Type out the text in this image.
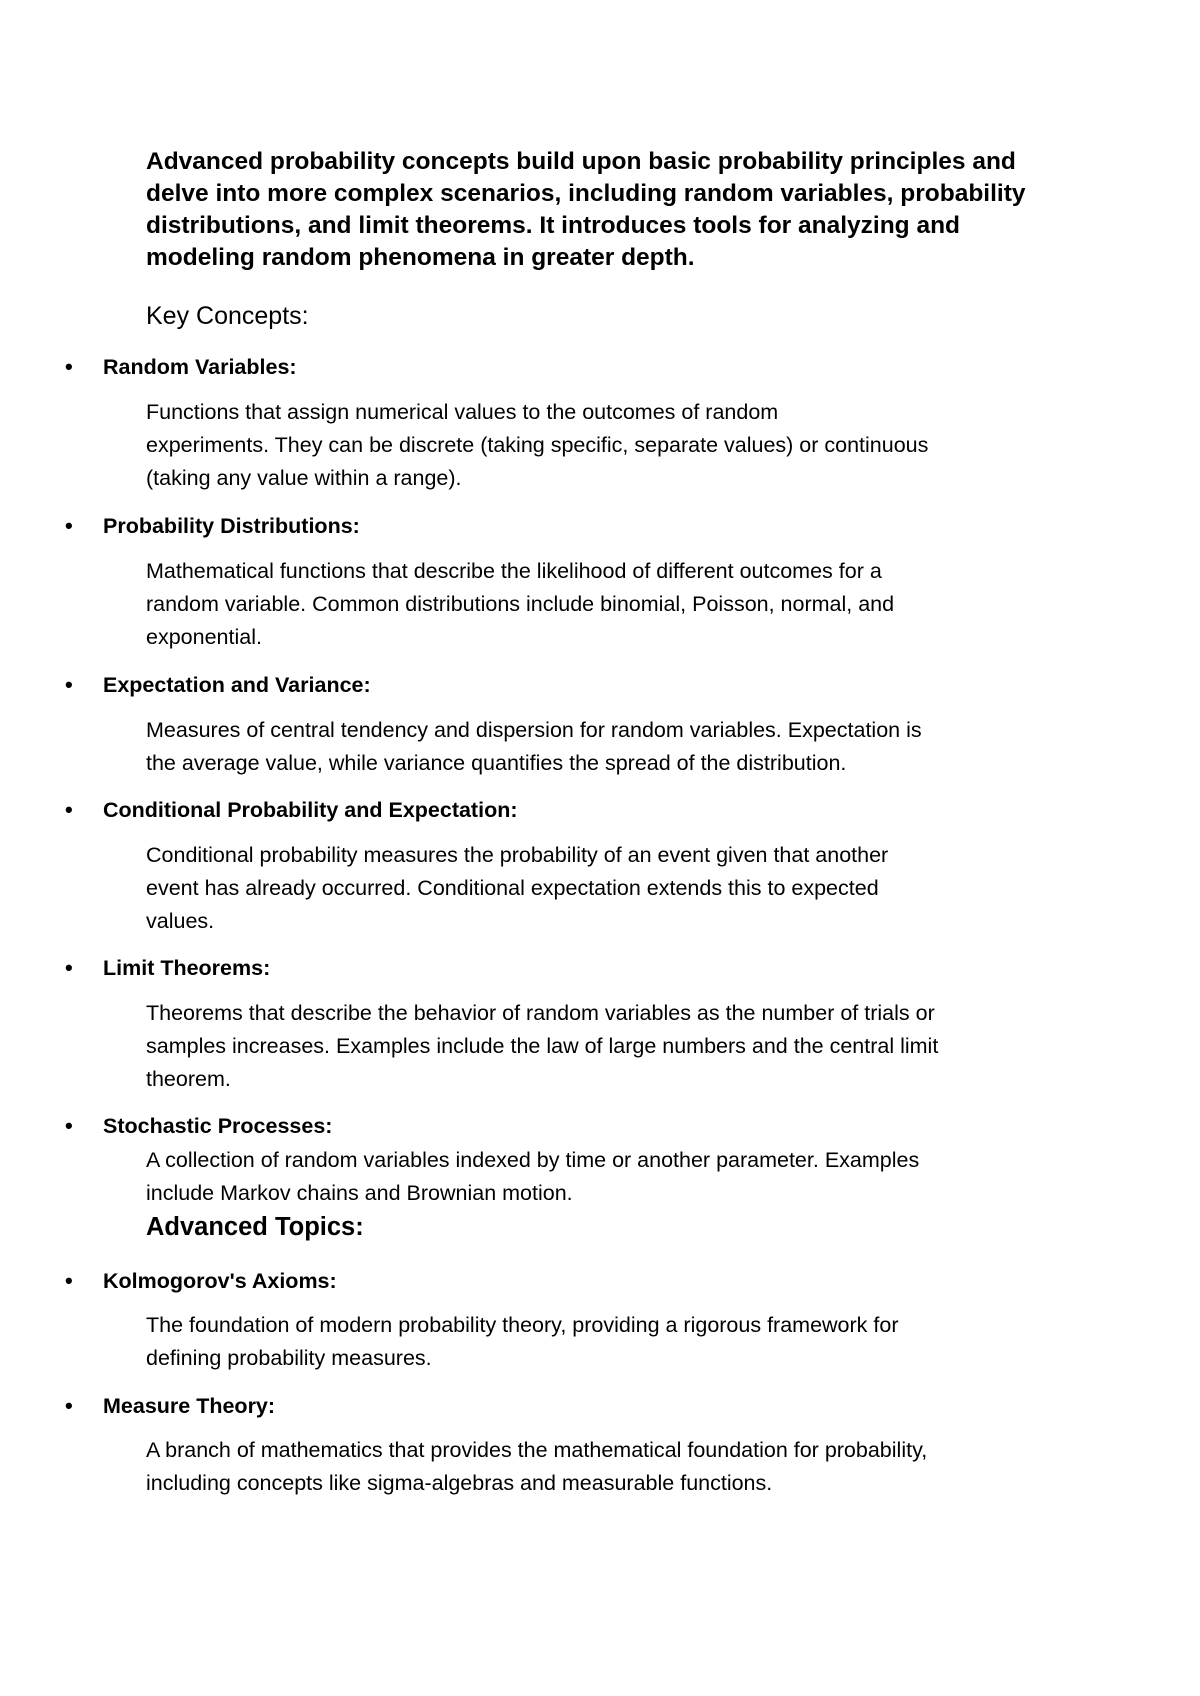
Advanced probability concepts build upon basic probability principles and
delve into more complex scenarios, including random variables, probability
distributions, and limit theorems. It introduces tools for analyzing and
modeling random phenomena in greater depth.
Key Concepts:
• Random Variables:
Functions that assign numerical values to the outcomes of random
experiments. They can be discrete (taking specific, separate values) or continuous
(taking any value within a range).
• Probability Distributions:
Mathematical functions that describe the likelihood of different outcomes for a
random variable. Common distributions include binomial, Poisson, normal, and
exponential.
• Expectation and Variance:
Measures of central tendency and dispersion for random variables. Expectation is
the average value, while variance quantifies the spread of the distribution.
• Conditional Probability and Expectation:
Conditional probability measures the probability of an event given that another
event has already occurred. Conditional expectation extends this to expected
values.
• Limit Theorems:
Theorems that describe the behavior of random variables as the number of trials or
samples increases. Examples include the law of large numbers and the central limit
theorem.
• Stochastic Processes:
A collection of random variables indexed by time or another parameter. Examples
include Markov chains and Brownian motion.
Advanced Topics:
• Kolmogorov's Axioms:
The foundation of modern probability theory, providing a rigorous framework for
defining probability measures.
• Measure Theory:
A branch of mathematics that provides the mathematical foundation for probability,
including concepts like sigma-algebras and measurable functions.
